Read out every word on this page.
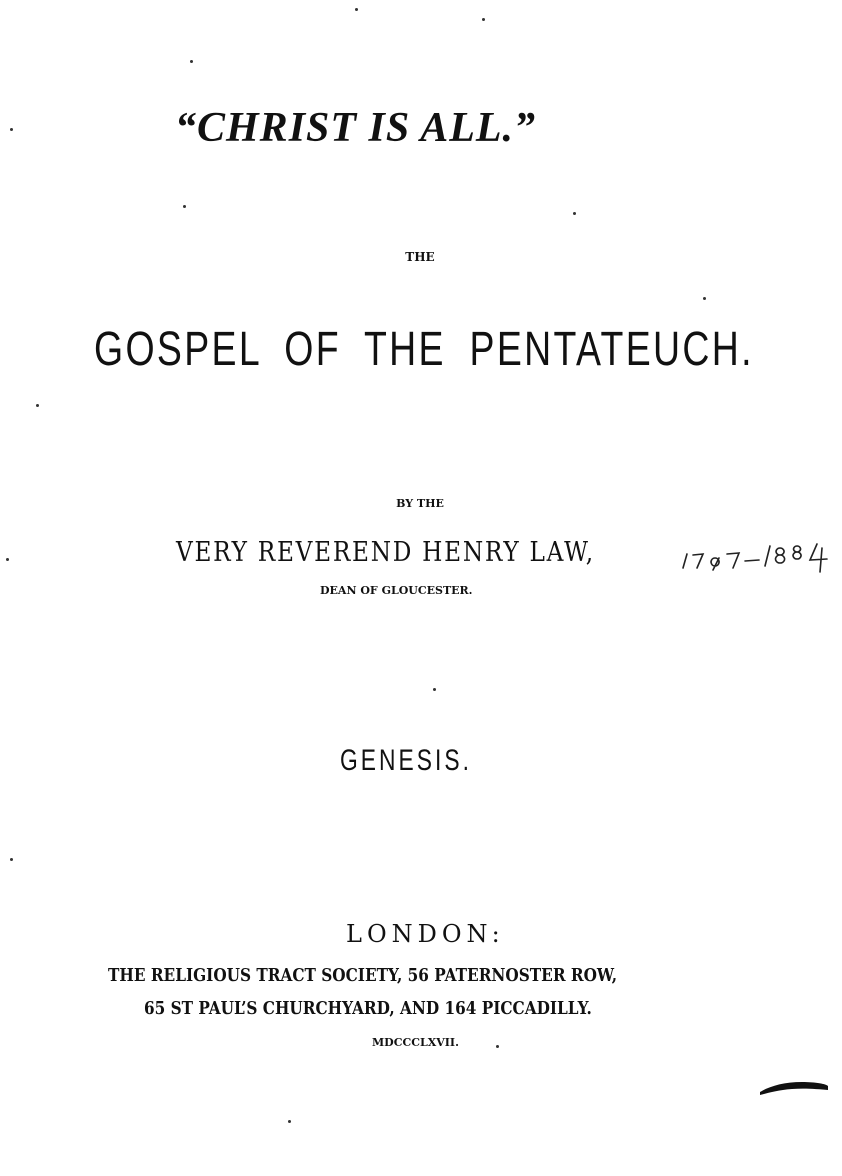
“CHRIST IS ALL.”
THE
GOSPEL OF THE PENTATEUCH.
BY THE
VERY REVEREND HENRY LAW,
DEAN OF GLOUCESTER.
GENESIS.
LONDON:
THE RELIGIOUS TRACT SOCIETY, 56 PATERNOSTER ROW,
65 ST PAUL’S CHURCHYARD, AND 164 PICCADILLY.
MDCCCLXVII.
